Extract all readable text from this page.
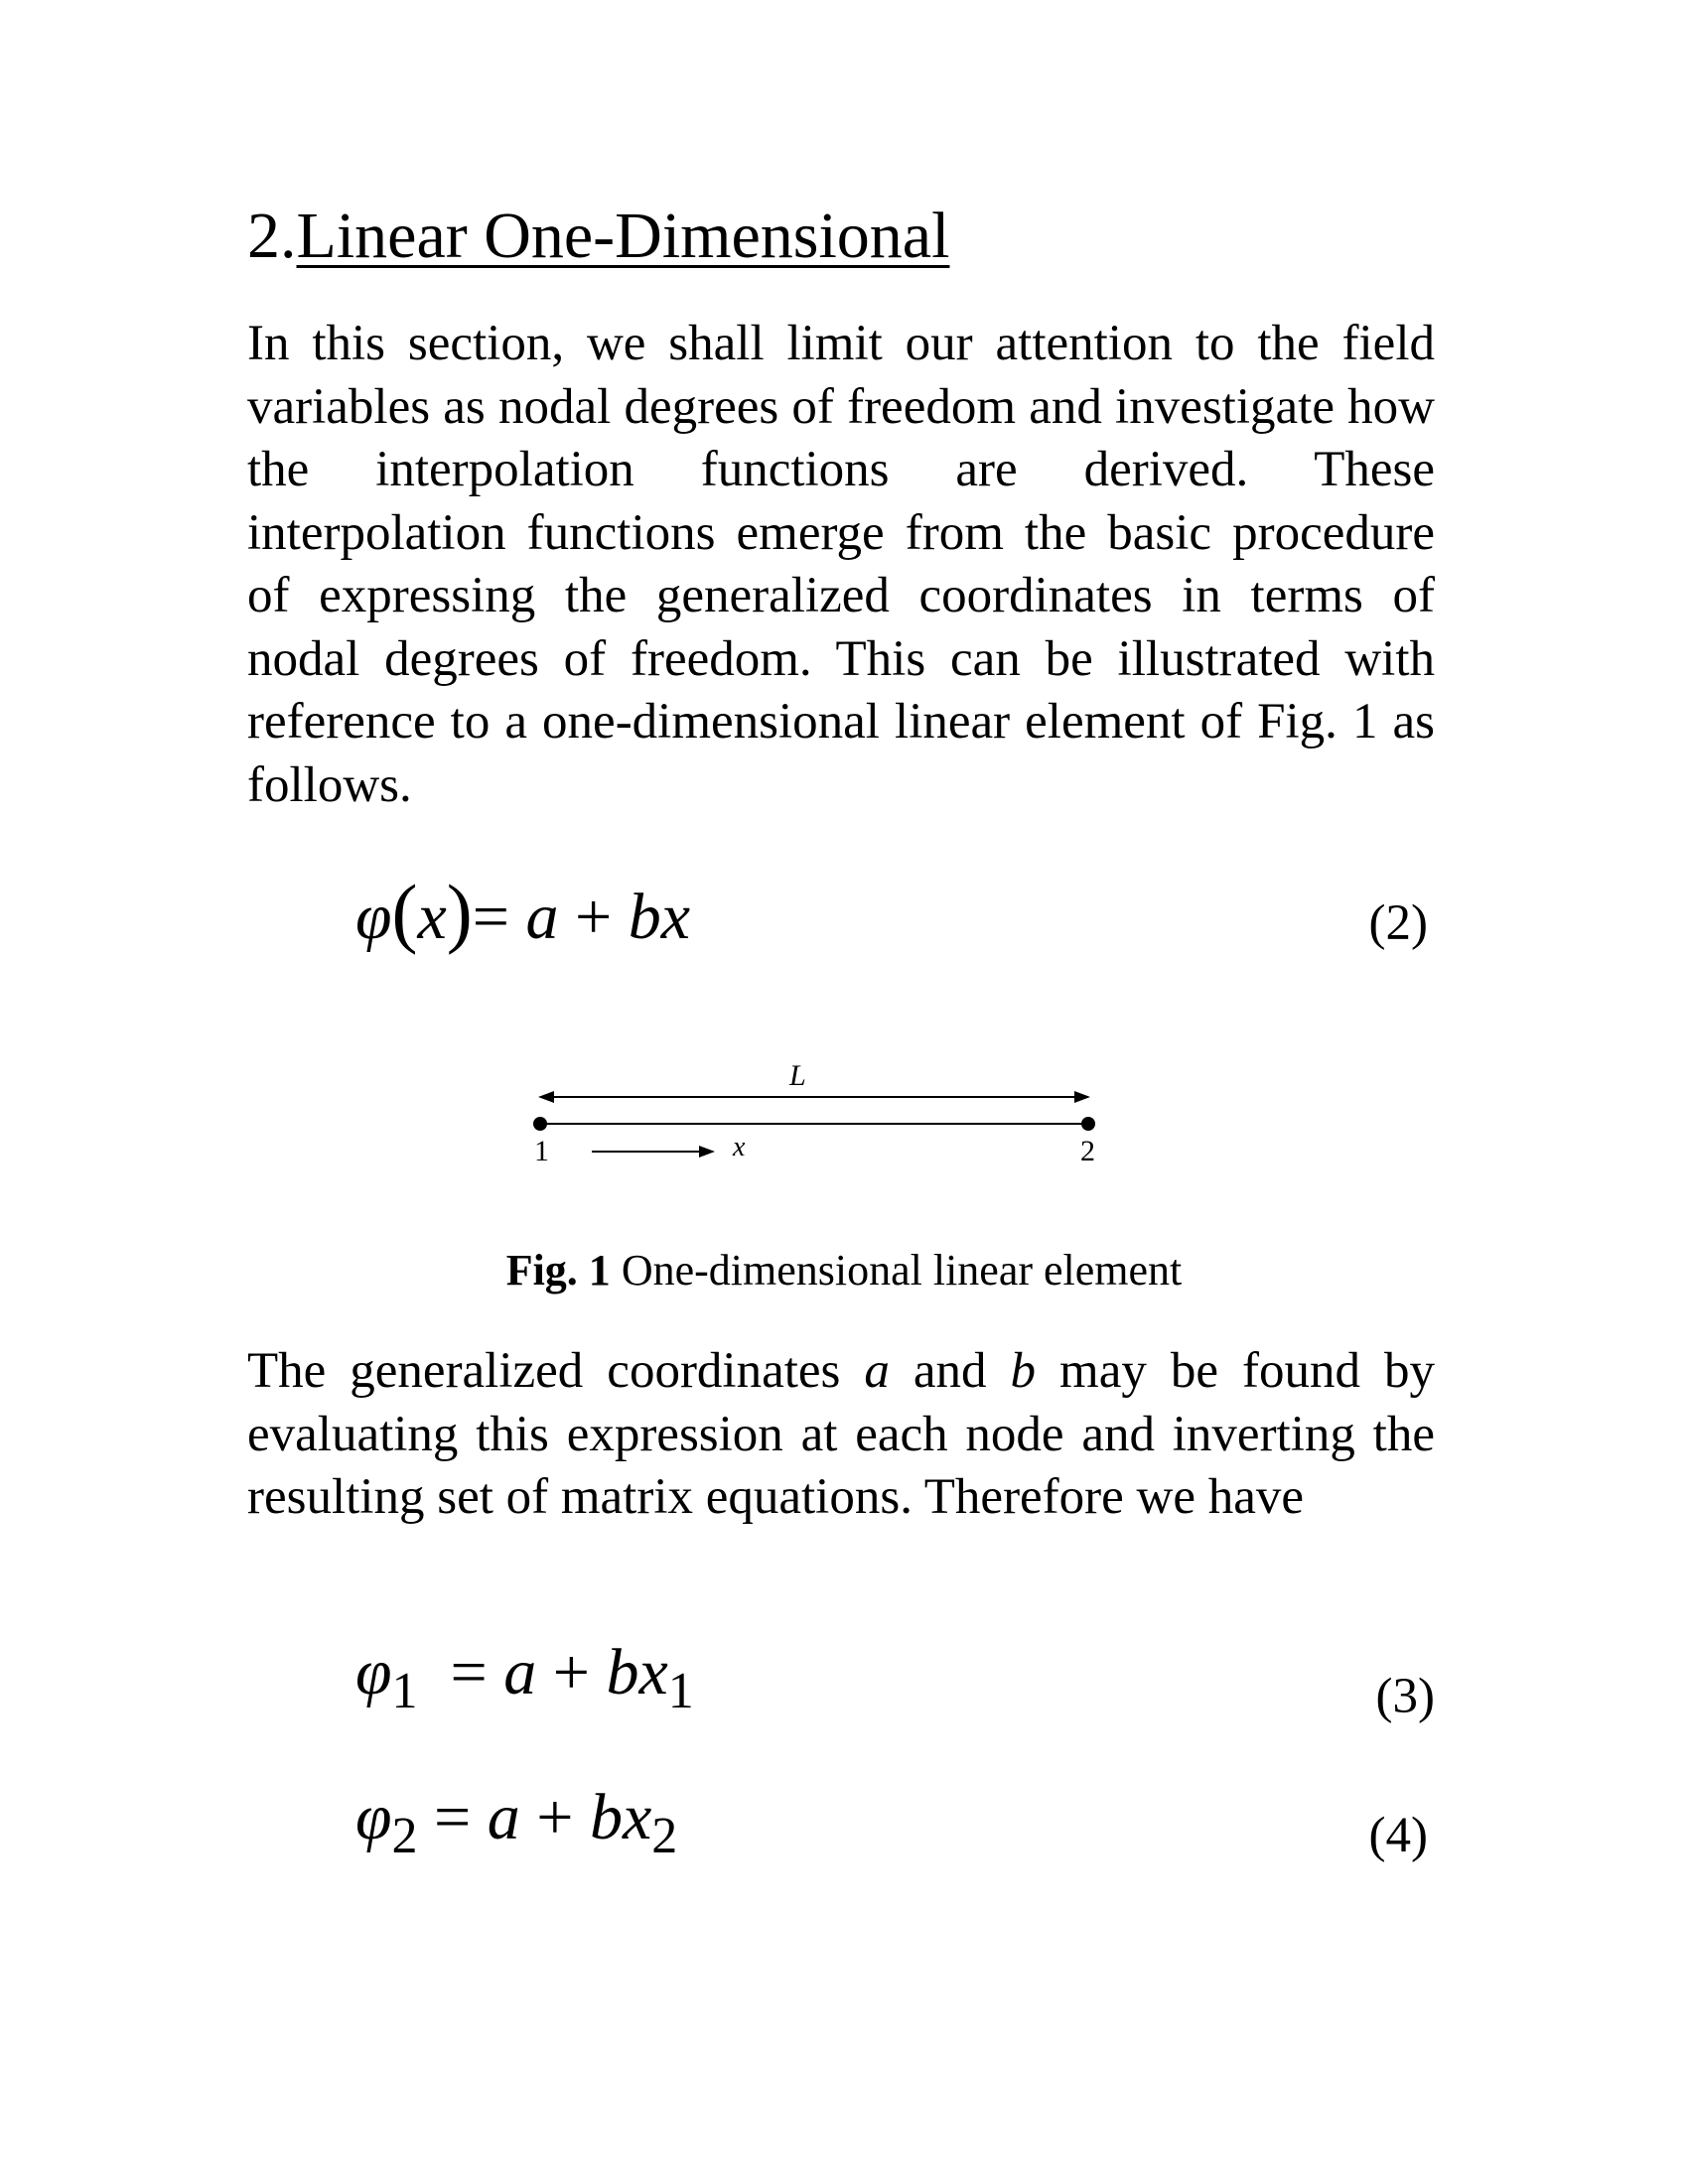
2.Linear One-Dimensional

In this section, we shall limit our attention to the field variables as nodal degrees of freedom and investigate how the interpolation functions are derived. These interpolation functions emerge from the basic procedure of expressing the generalized coordinates in terms of nodal degrees of freedom. This can be illustrated with reference to a one-dimensional linear element of Fig. 1 as follows.

φ(x)= a + bx	(2)
L
1	2
x
Fig. 1 One-dimensional linear element

The generalized coordinates a and b may be found by evaluating this expression at each node and inverting the resulting set of matrix equations. Therefore we have

$\varphi_1 = a + bx_1$	(3)
$\varphi_2 = a + bx_2$	(4)
